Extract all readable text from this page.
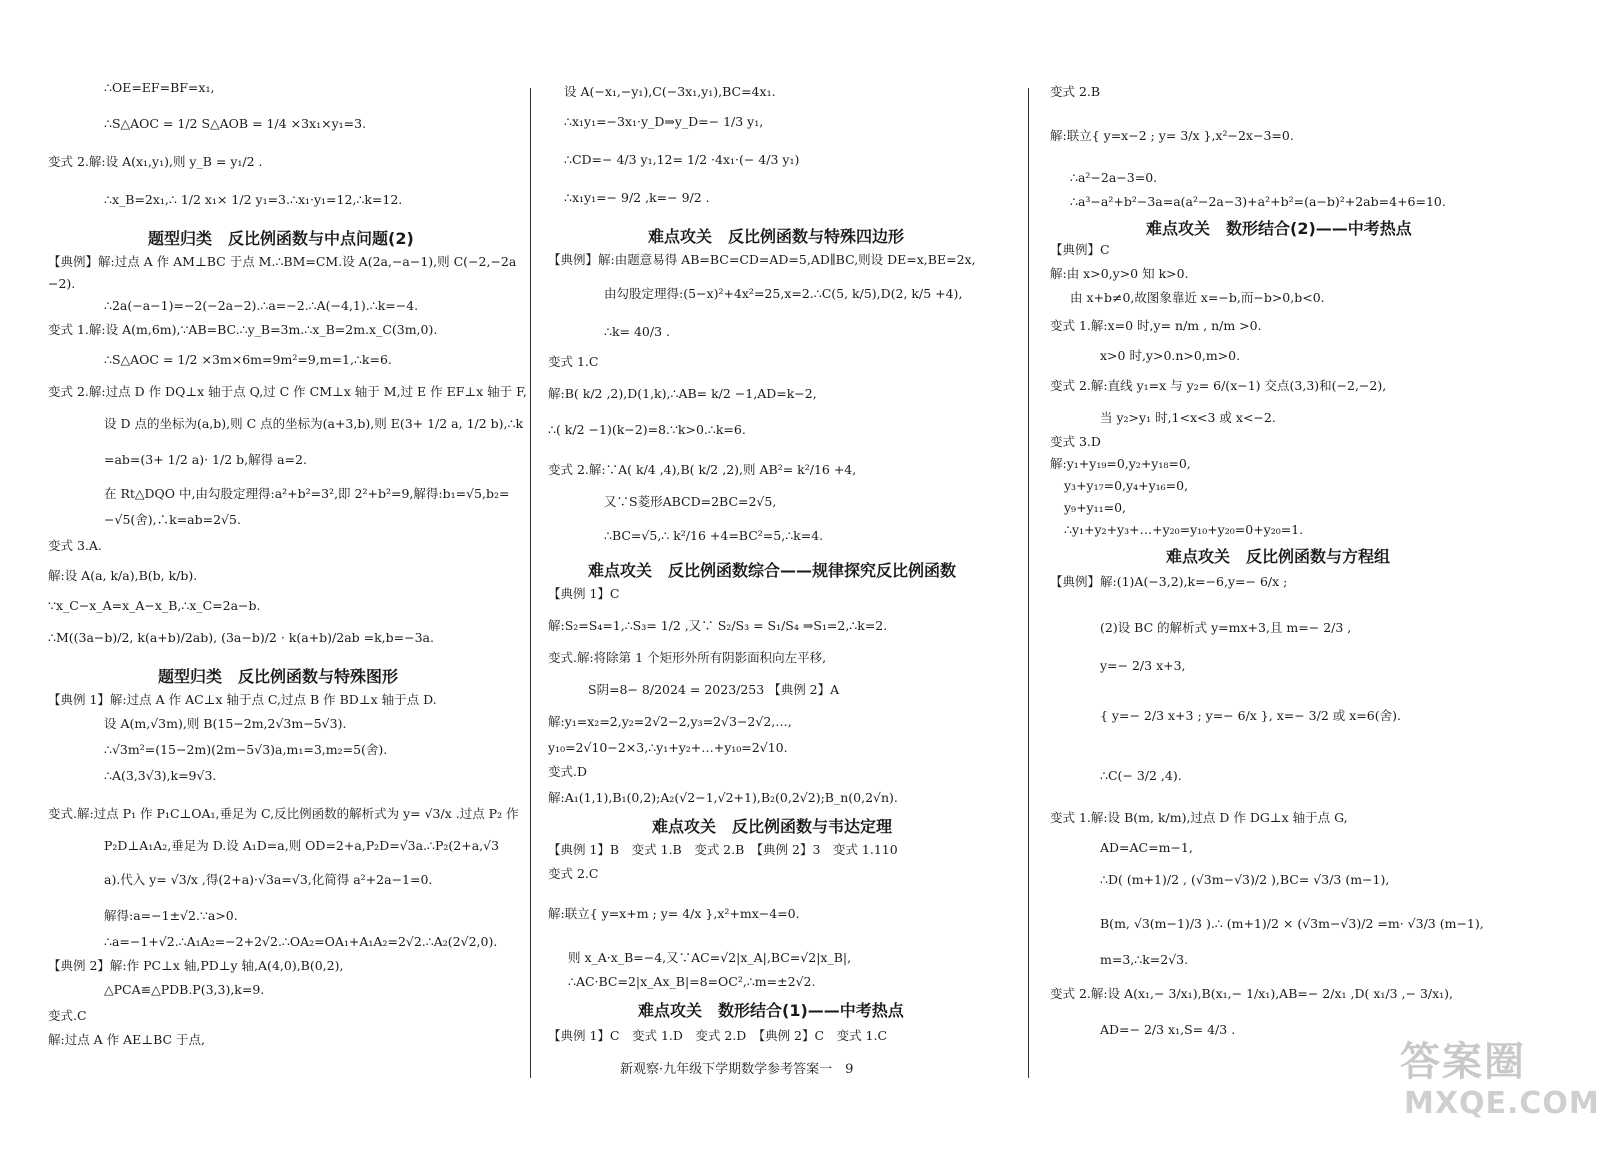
∴OE=EF=BF=x₁,
∴S△AOC = 1/2 S△AOB = 1/4 ×3x₁×y₁=3.
变式 2.解:设 A(x₁,y₁),则 y_B = y₁/2 .
∴x_B=2x₁,∴ 1/2 x₁× 1/2 y₁=3.∴x₁·y₁=12,∴k=12.
题型归类　反比例函数与中点问题(2)
【典例】解:过点 A 作 AM⊥BC 于点 M.∴BM=CM.设 A(2a,−a−1),则 C(−2,−2a
−2).
∴2a(−a−1)=−2(−2a−2).∴a=−2.∴A(−4,1).∴k=−4.
变式 1.解:设 A(m,6m),∵AB=BC.∴y_B=3m.∴x_B=2m.x_C(3m,0).
∴S△AOC = 1/2 ×3m×6m=9m²=9,m=1,∴k=6.
变式 2.解:过点 D 作 DQ⊥x 轴于点 Q,过 C 作 CM⊥x 轴于 M,过 E 作 EF⊥x 轴于 F,
设 D 点的坐标为(a,b),则 C 点的坐标为(a+3,b),则 E(3+ 1/2 a, 1/2 b),∴k
=ab=(3+ 1/2 a)· 1/2 b,解得 a=2.
在 Rt△DQO 中,由勾股定理得:a²+b²=3²,即 2²+b²=9,解得:b₁=√5,b₂=
−√5(舍),∴k=ab=2√5.
变式 3.A.
解:设 A(a, k/a),B(b, k/b).
∵x_C−x_A=x_A−x_B,∴x_C=2a−b.
∴M((3a−b)/2, k(a+b)/2ab), (3a−b)/2 · k(a+b)/2ab =k,b=−3a.
题型归类　反比例函数与特殊图形
【典例 1】解:过点 A 作 AC⊥x 轴于点 C,过点 B 作 BD⊥x 轴于点 D.
设 A(m,√3m),则 B(15−2m,2√3m−5√3).
∴√3m²=(15−2m)(2m−5√3)a,m₁=3,m₂=5(舍).
∴A(3,3√3),k=9√3.
变式.解:过点 P₁ 作 P₁C⊥OA₁,垂足为 C,反比例函数的解析式为 y= √3/x .过点 P₂ 作
P₂D⊥A₁A₂,垂足为 D.设 A₁D=a,则 OD=2+a,P₂D=√3a.∴P₂(2+a,√3
a).代入 y= √3/x ,得(2+a)·√3a=√3,化简得 a²+2a−1=0.
解得:a=−1±√2.∵a>0.
∴a=−1+√2.∴A₁A₂=−2+2√2.∴OA₂=OA₁+A₁A₂=2√2.∴A₂(2√2,0).
【典例 2】解:作 PC⊥x 轴,PD⊥y 轴,A(4,0),B(0,2),
△PCA≌△PDB.P(3,3),k=9.
变式.C
解:过点 A 作 AE⊥BC 于点,
设 A(−x₁,−y₁),C(−3x₁,y₁),BC=4x₁.
∴x₁y₁=−3x₁·y_D⇒y_D=− 1/3 y₁,
∴CD=− 4/3 y₁,12= 1/2 ·4x₁·(− 4/3 y₁)
∴x₁y₁=− 9/2 ,k=− 9/2 .
难点攻关　反比例函数与特殊四边形
【典例】解:由题意易得 AB=BC=CD=AD=5,AD∥BC,则设 DE=x,BE=2x,
由勾股定理得:(5−x)²+4x²=25,x=2.∴C(5, k/5),D(2, k/5 +4),
∴k= 40/3 .
变式 1.C
解:B( k/2 ,2),D(1,k),∴AB= k/2 −1,AD=k−2,
∴( k/2 −1)(k−2)=8.∵k>0.∴k=6.
变式 2.解:∵A( k/4 ,4),B( k/2 ,2),则 AB²= k²/16 +4,
又∵S菱形ABCD=2BC=2√5,
∴BC=√5,∴ k²/16 +4=BC²=5,∴k=4.
难点攻关　反比例函数综合——规律探究反比例函数
【典例 1】C
解:S₂=S₄=1,∴S₃= 1/2 ,又∵ S₂/S₃ = S₁/S₄ ⇒S₁=2,∴k=2.
变式.解:将除第 1 个矩形外所有阴影面积向左平移,
S阴=8− 8/2024 = 2023/253 【典例 2】A
解:y₁=x₂=2,y₂=2√2−2,y₃=2√3−2√2,…,
y₁₀=2√10−2×3,∴y₁+y₂+…+y₁₀=2√10.
变式.D
解:A₁(1,1),B₁(0,2);A₂(√2−1,√2+1),B₂(0,2√2);B_n(0,2√n).
难点攻关　反比例函数与韦达定理
【典例 1】B　变式 1.B　变式 2.B　【典例 2】3　变式 1.110
变式 2.C
解:联立{ y=x+m ; y= 4/x },x²+mx−4=0.
则 x_A·x_B=−4,又∵AC=√2|x_A|,BC=√2|x_B|,
∴AC·BC=2|x_Ax_B|=8=OC²,∴m=±2√2.
难点攻关　数形结合(1)——中考热点
【典例 1】C　变式 1.D　变式 2.D　【典例 2】C　变式 1.C
变式 2.B
解:联立{ y=x−2 ; y= 3/x },x²−2x−3=0.
∴a²−2a−3=0.
∴a³−a²+b²−3a=a(a²−2a−3)+a²+b²=(a−b)²+2ab=4+6=10.
难点攻关　数形结合(2)——中考热点
【典例】C
解:由 x>0,y>0 知 k>0.
由 x+b≠0,故图象靠近 x=−b,而−b>0,b<0.
变式 1.解:x=0 时,y= n/m , n/m >0.
x>0 时,y>0.n>0,m>0.
变式 2.解:直线 y₁=x 与 y₂= 6/(x−1) 交点(3,3)和(−2,−2),
当 y₂>y₁ 时,1<x<3 或 x<−2.
变式 3.D
解:y₁+y₁₉=0,y₂+y₁₈=0,
y₃+y₁₇=0,y₄+y₁₆=0,
y₉+y₁₁=0,
∴y₁+y₂+y₃+…+y₂₀=y₁₀+y₂₀=0+y₂₀=1.
难点攻关　反比例函数与方程组
【典例】解:(1)A(−3,2),k=−6,y=− 6/x ;
(2)设 BC 的解析式 y=mx+3,且 m=− 2/3 ,
y=− 2/3 x+3,
{ y=− 2/3 x+3 ; y=− 6/x }, x=− 3/2 或 x=6(舍).
∴C(− 3/2 ,4).
变式 1.解:设 B(m, k/m),过点 D 作 DG⊥x 轴于点 G,
AD=AC=m−1,
∴D( (m+1)/2 , (√3m−√3)/2 ),BC= √3/3 (m−1),
B(m, √3(m−1)/3 ).∴ (m+1)/2 × (√3m−√3)/2 =m· √3/3 (m−1),
m=3,∴k=2√3.
变式 2.解:设 A(x₁,− 3/x₁),B(x₁,− 1/x₁),AB=− 2/x₁ ,D( x₁/3 ,− 3/x₁),
AD=− 2/3 x₁,S= 4/3 .
新观察·九年级下学期数学参考答案一　9	答案圈
MXQE.COM
